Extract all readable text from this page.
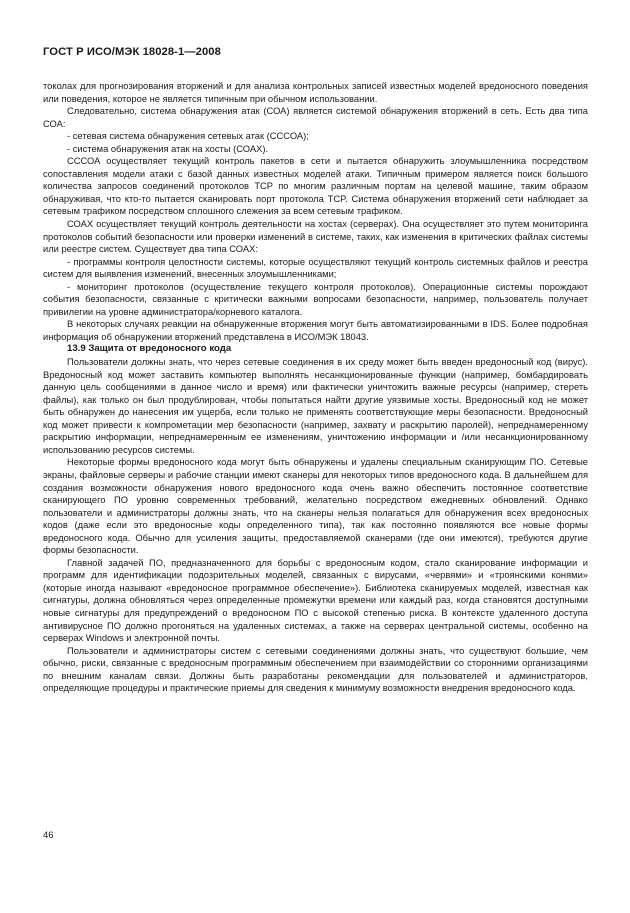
ГОСТ Р ИСО/МЭК 18028-1—2008

токолах для прогнозирования вторжений и для анализа контрольных записей известных моделей вредоносного поведения или поведения, которое не является типичным при обычном использовании.

Следовательно, система обнаружения атак (СОА) является системой обнаружения вторжений в сеть. Есть два типа СОА:

- сетевая система обнаружения сетевых атак (СССОА);

- система обнаружения атак на хосты (СОАХ).

СССОА осуществляет текущий контроль пакетов в сети и пытается обнаружить злоумышленника посредством сопоставления модели атаки с базой данных известных моделей атаки. Типичным примером является поиск большого количества запросов соединений протоколов TCP по многим различным портам на целевой машине, таким образом обнаруживая, что кто-то пытается сканировать порт протокола TCP. Система обнаружения вторжений сети наблюдает за сетевым трафиком посредством сплошного слежения за всем сетевым трафиком.

СОАХ осуществляет текущий контроль деятельности на хостах (серверах). Она осуществляет это путем мониторинга протоколов событий безопасности или проверки изменений в системе, таких, как изменения в критических файлах системы или реестре систем. Существует два типа СОАХ:

- программы контроля целостности системы, которые осуществляют текущий контроль системных файлов и реестра систем для выявления изменений, внесенных злоумышленниками;

- мониторинг протоколов (осуществление текущего контроля протоколов). Операционные системы порождают события безопасности, связанные с критически важными вопросами безопасности, например, пользователь получает привилегии на уровне администратора/корневого каталога.

В некоторых случаях реакции на обнаруженные вторжения могут быть автоматизированными в IDS. Более подробная информация об обнаружении вторжений представлена в ИСО/МЭК 18043.

13.9 Защита от вредоносного кода

Пользователи должны знать, что через сетевые соединения в их среду может быть введен вредоносный код (вирус). Вредоносный код может заставить компьютер выполнять несанкционированные функции (например, бомбардировать данную цель сообщениями в данное число и время) или фактически уничтожить важные ресурсы (например, стереть файлы), как только он был продублирован, чтобы попытаться найти другие уязвимые хосты. Вредоносный код не может быть обнаружен до нанесения им ущерба, если только не применять соответствующие меры безопасности. Вредоносный код может привести к компрометации мер безопасности (например, захвату и раскрытию паролей), непреднамеренному раскрытию информации, непреднамеренным ее изменениям, уничтожению информации и /или несанкционированному использованию ресурсов системы.

Некоторые формы вредоносного кода могут быть обнаружены и удалены специальным сканирующим ПО. Сетевые экраны, файловые серверы и рабочие станции имеют сканеры для некоторых типов вредоносного кода. В дальнейшем для создания возможности обнаружения нового вредоносного кода очень важно обеспечить постоянное соответствие сканирующего ПО уровню современных требований, желательно посредством ежедневных обновлений. Однако пользователи и администраторы должны знать, что на сканеры нельзя полагаться для обнаружения всех вредоносных кодов (даже если это вредоносные коды определенного типа), так как постоянно появляются все новые формы вредоносного кода. Обычно для усиления защиты, предоставляемой сканерами (где они имеются), требуются другие формы безопасности.

Главной задачей ПО, предназначенного для борьбы с вредоносным кодом, стало сканирование информации и программ для идентификации подозрительных моделей, связанных с вирусами, «червями» и «троянскими конями» (которые иногда называют «вредоносное программное обеспечение»). Библиотека сканируемых моделей, известная как сигнатуры, должна обновляться через определенные промежутки времени или каждый раз, когда становятся доступными новые сигнатуры для предупреждений о вредоносном ПО с высокой степенью риска. В контексте удаленного доступа антивирусное ПО должно прогоняться на удаленных системах, а также на серверах центральной системы, особенно на серверах Windows и электронной почты.

Пользователи и администраторы систем с сетевыми соединениями должны знать, что существуют большие, чем обычно, риски, связанные с вредоносным программным обеспечением при взаимодействии со сторонними организациями по внешним каналам связи. Должны быть разработаны рекомендации для пользователей и администраторов, определяющие процедуры и практические приемы для сведения к минимуму возможности внедрения вредоносного кода.

46
